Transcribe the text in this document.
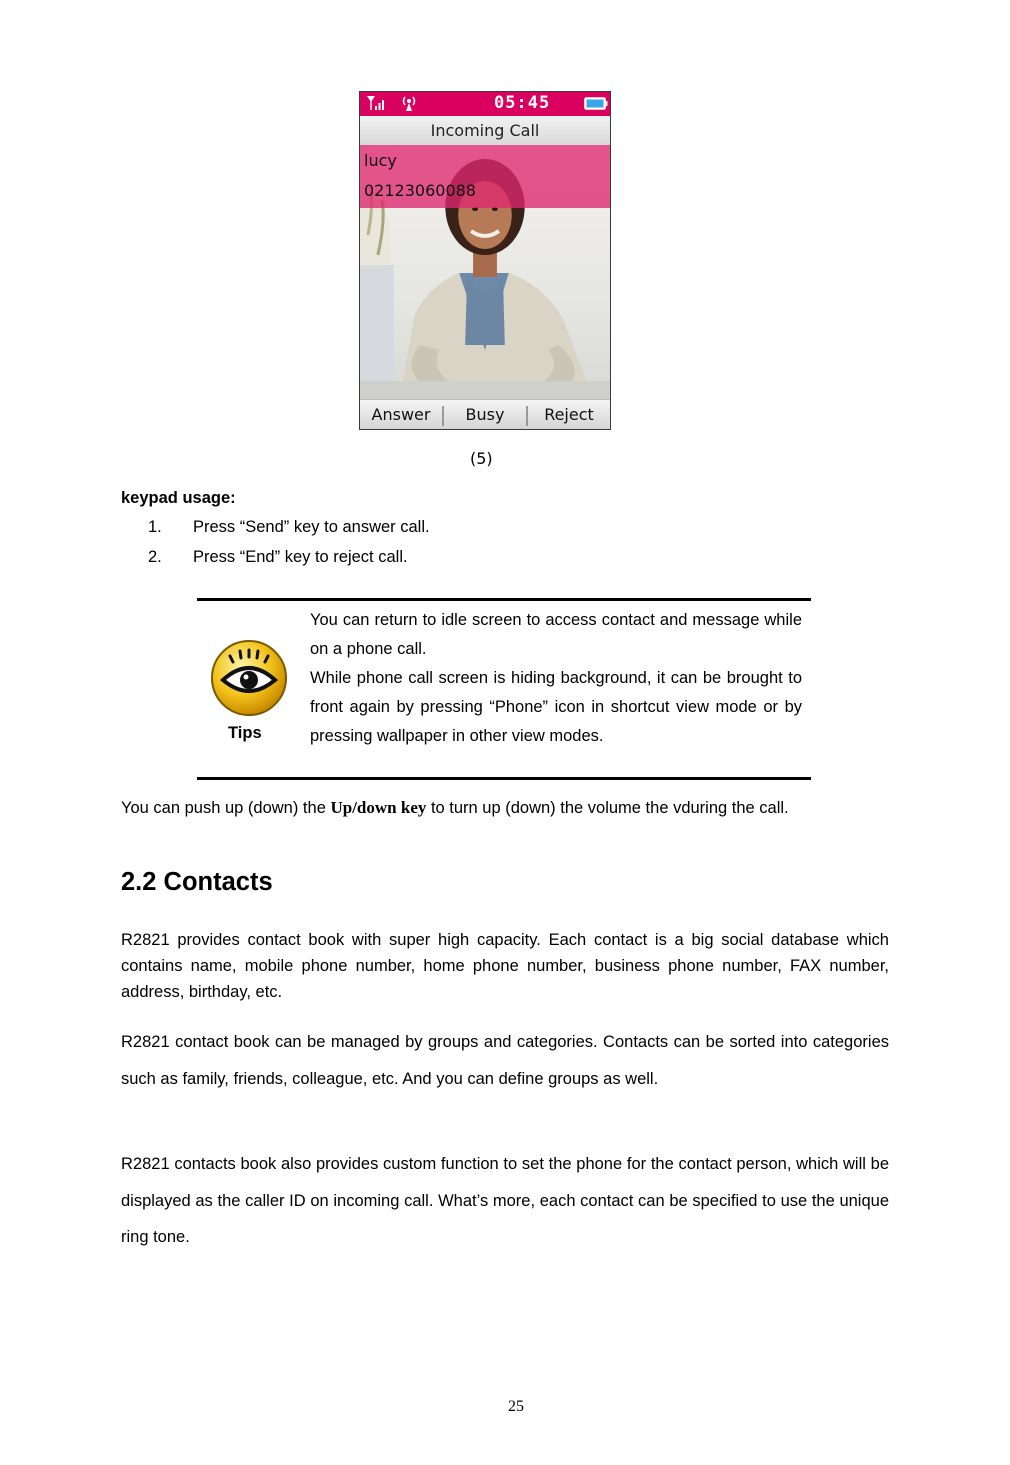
05:45
Incoming Call
lucy
02123060088
Answer	Busy	Reject
(5)
keypad usage:
1.	Press “Send” key to answer call.
2.	Press “End” key to reject call.
Tips

You can return to idle screen to access contact and message while on a phone call.

While phone call screen is hiding background, it can be brought to front again by pressing “Phone” icon in shortcut view mode or by pressing wallpaper in other view modes.

You can push up (down) the Up/down key to turn up (down) the volume the vduring the call.

2.2 Contacts

R2821 provides contact book with super high capacity. Each contact is a big social database which contains name, mobile phone number, home phone number, business phone number, FAX number, address, birthday, etc.

R2821 contact book can be managed by groups and categories. Contacts can be sorted into categories such as family, friends, colleague, etc. And you can define groups as well.

R2821 contacts book also provides custom function to set the phone for the contact person, which will be displayed as the caller ID on incoming call. What’s more, each contact can be specified to use the unique ring tone.

25
